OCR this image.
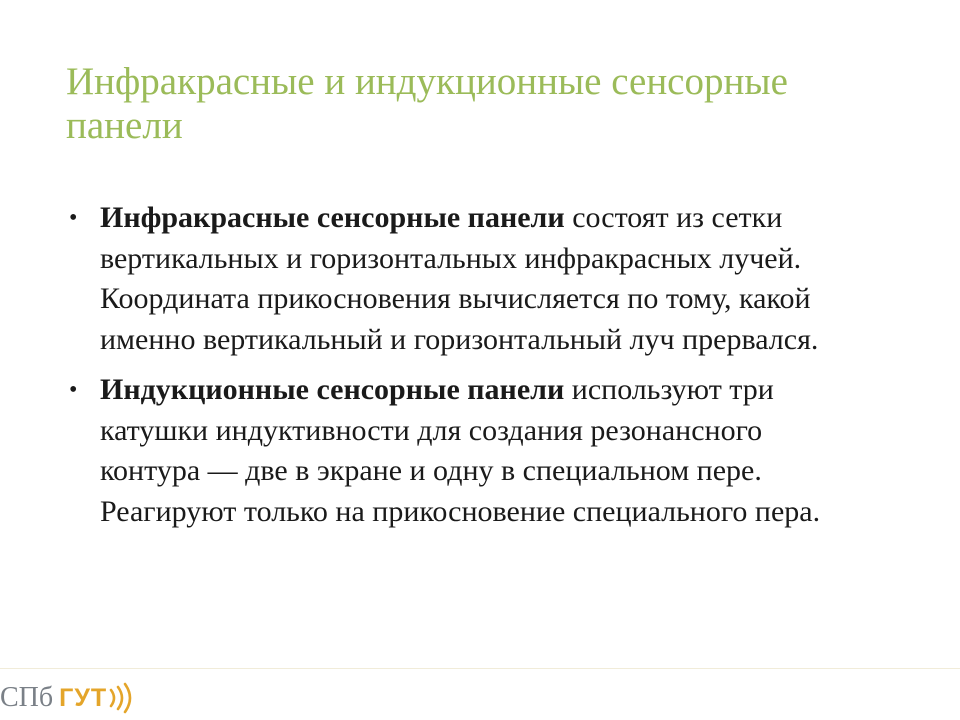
Инфракрасные и индукционные сенсорные панели
• Инфракрасные сенсорные панели состоят из сетки вертикальных и горизонтальных инфракрасных лучей. Координата прикосновения вычисляется по тому, какой именно вертикальный и горизонтальный луч прервался.
• Индукционные сенсорные панели используют три катушки индуктивности для создания резонансного контура — две в экране и одну в специальном пере. Реагируют только на прикосновение специального пера.
СПб ГУТ
